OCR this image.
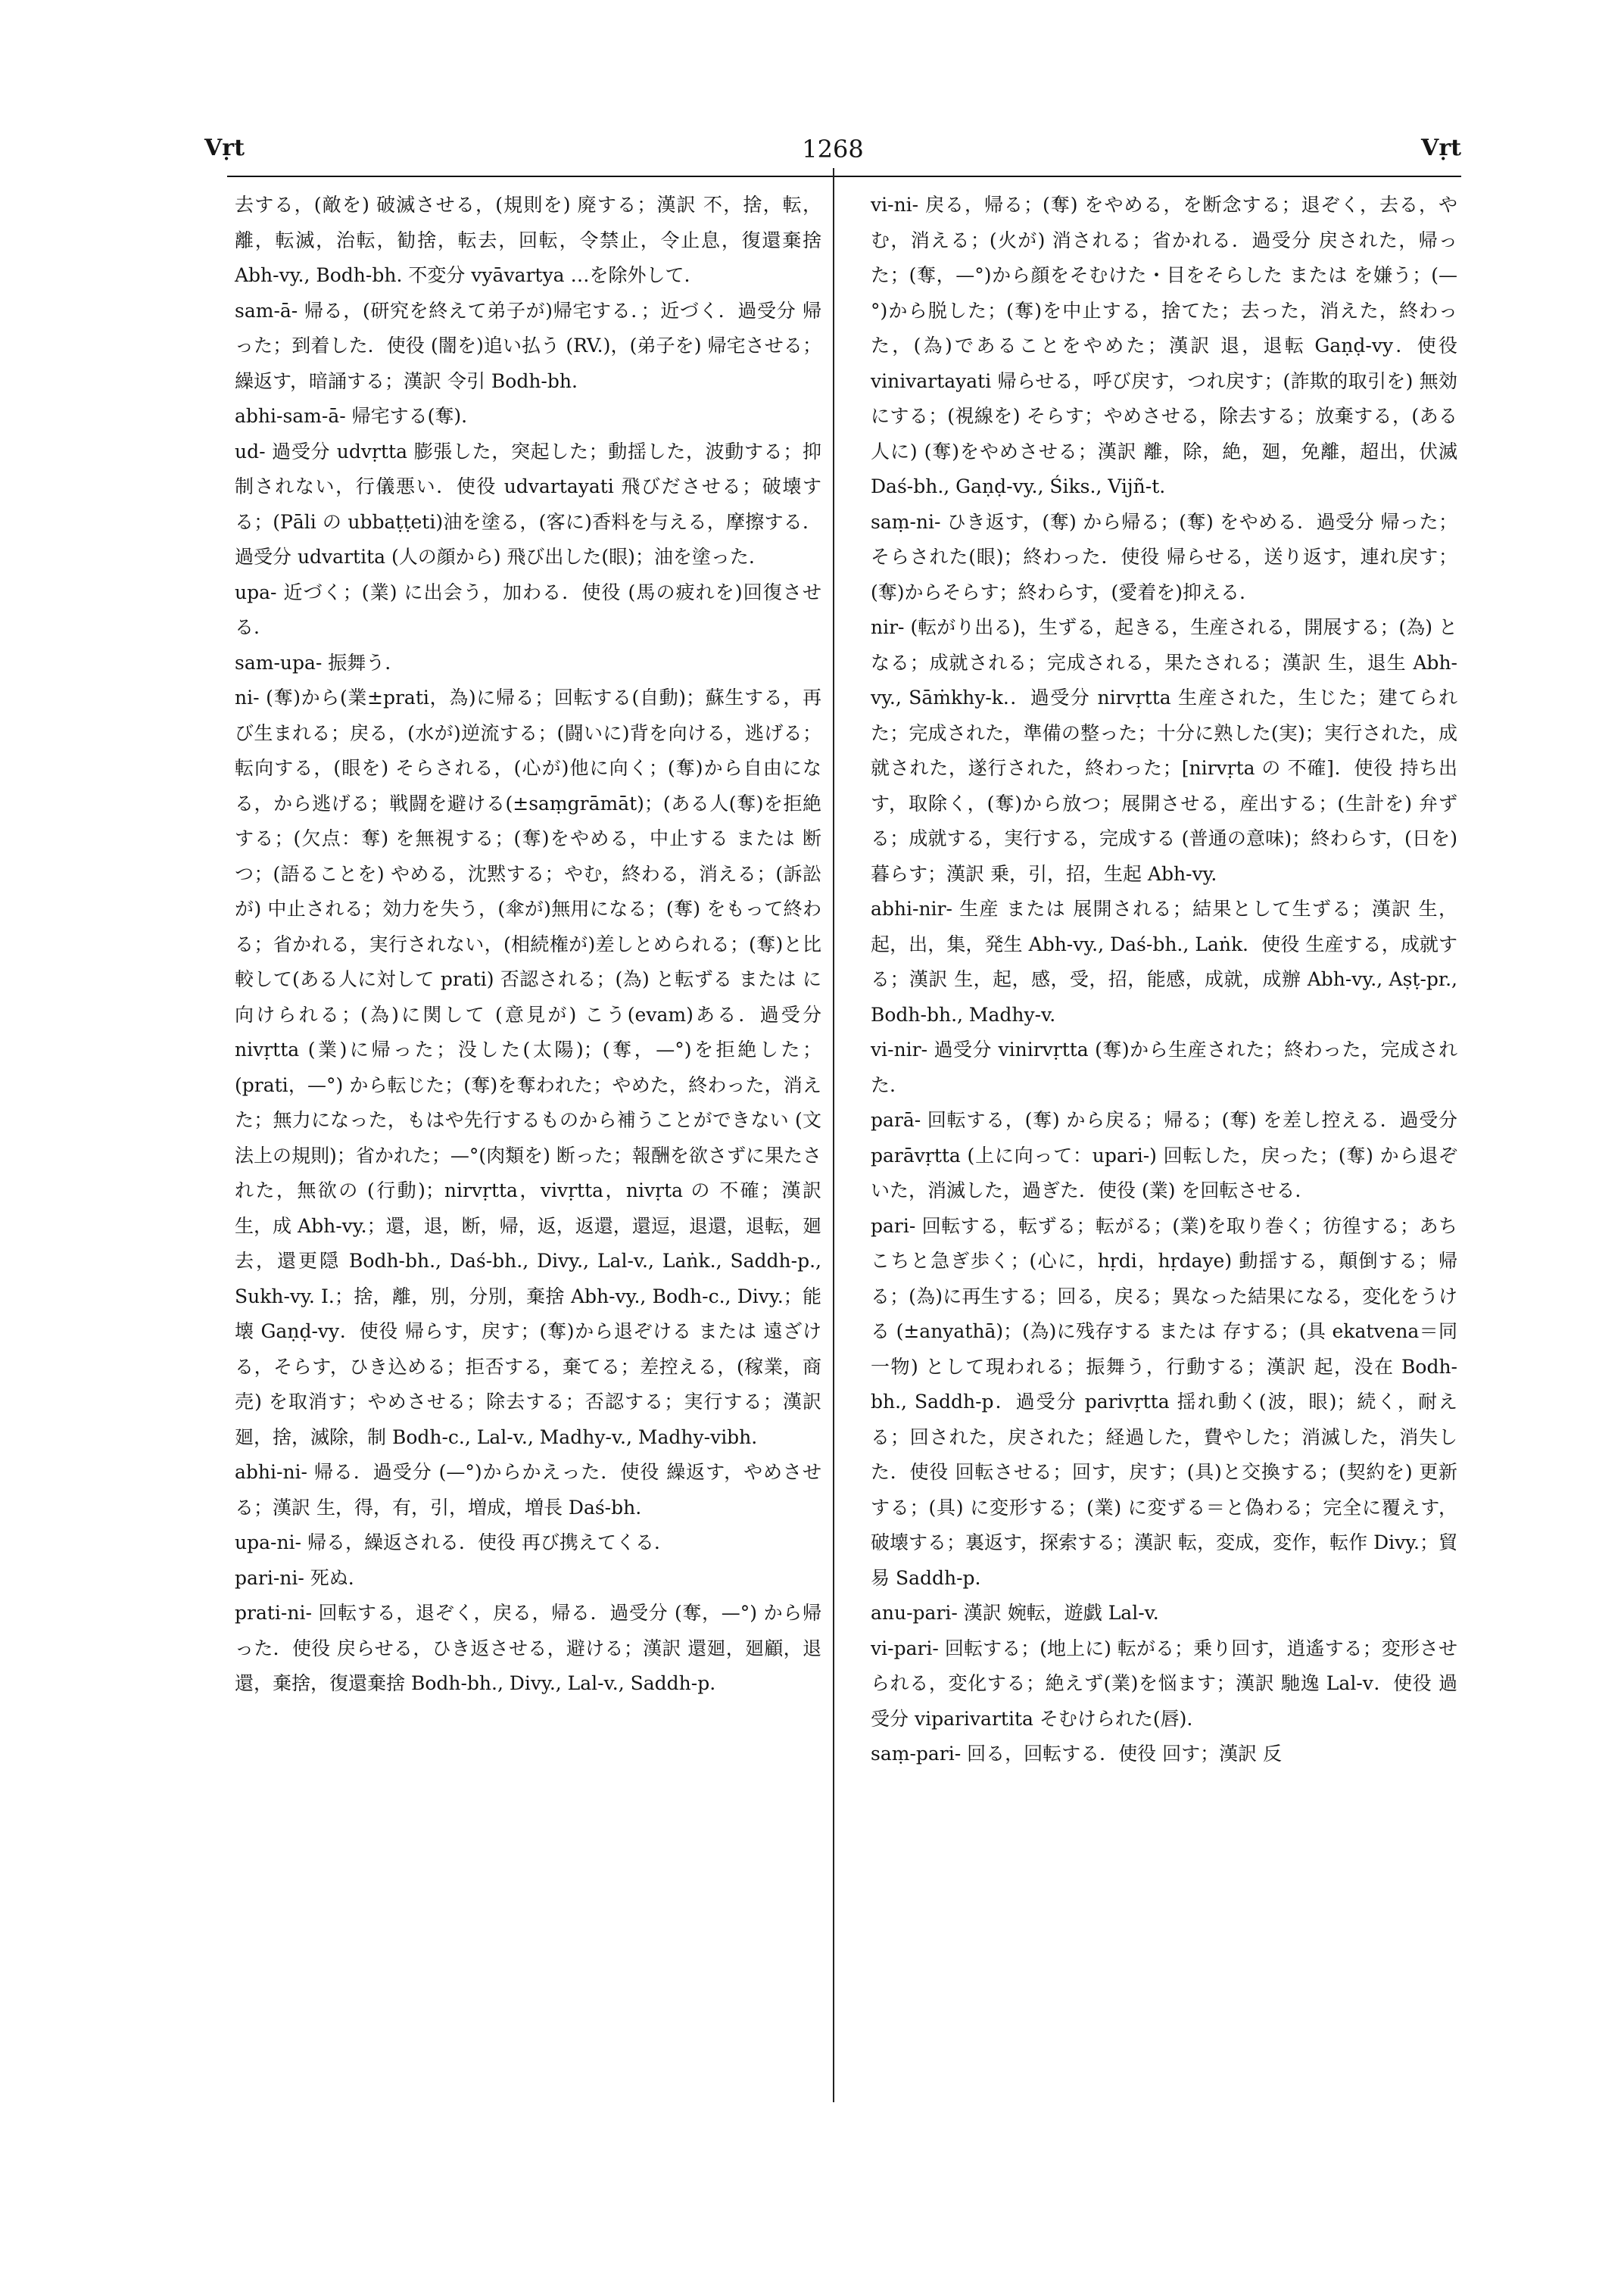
Vṛt	1268	Vṛt

去する，(敵を) 破滅させる，(規則を) 廃する；漢訳 不，捨，転，離，転滅，治転，勧捨，転去，回転，令禁止，令止息，復還棄捨 Abh-vy., Bodh-bh. 不変分 vyāvartya …を除外して.

sam-ā- 帰る，(研究を終えて弟子が)帰宅する．；近づく．過受分 帰った；到着した．使役 (闇を)追い払う (RV.)，(弟子を) 帰宅させる；繰返す，暗誦する；漢訳 令引 Bodh-bh.

abhi-sam-ā- 帰宅する(奪).

ud- 過受分 udvṛtta 膨張した，突起した；動揺した，波動する；抑制されない，行儀悪い．使役 udvartayati 飛びださせる；破壊する；(Pāli の ubbaṭṭeti)油を塗る，(客に)香料を与える，摩擦する．過受分 udvartita (人の顔から) 飛び出した(眼)；油を塗った.

upa- 近づく；(業) に出会う，加わる．使役 (馬の疲れを)回復させる.

sam-upa- 振舞う.

ni- (奪)から(業±prati，為)に帰る；回転する(自動)；蘇生する，再び生まれる；戻る，(水が)逆流する；(闘いに)背を向ける，逃げる；転向する，(眼を) そらされる，(心が)他に向く；(奪)から自由になる，から逃げる；戦闘を避ける(±saṃgrāmāt)；(ある人(奪)を拒絶する；(欠点：奪) を無視する；(奪)をやめる，中止する または 断つ；(語ることを) やめる，沈黙する；やむ，終わる，消える；(訴訟が) 中止される；効力を失う，(傘が)無用になる；(奪) をもって終わる；省かれる，実行されない，(相続権が)差しとめられる；(奪)と比較して(ある人に対して prati) 否認される；(為) と転ずる または に向けられる；(為)に関して (意見が) こう(evam)ある．過受分 nivṛtta (業)に帰った；没した(太陽)；(奪，—°)を拒絶した；(prati，—°) から転じた；(奪)を奪われた；やめた，終わった，消えた；無力になった，もはや先行するものから補うことができない (文法上の規則)；省かれた；—°(肉類を) 断った；報酬を欲さずに果たされた，無欲の (行動)；nirvṛtta，vivṛtta，nivṛta の 不確；漢訳 生，成 Abh-vy.；還，退，断，帰，返，返還，還逗，退還，退転，廻去，還更隠 Bodh-bh., Daś-bh., Divy., Lal-v., Laṅk., Saddh-p., Sukh-vy. I.；捨，離，別，分別，棄捨 Abh-vy., Bodh-c., Divy.；能壊 Gaṇḍ-vy．使役 帰らす，戻す；(奪)から退ぞける または 遠ざける，そらす，ひき込める；拒否する，棄てる；差控える，(稼業，商売) を取消す；やめさせる；除去する；否認する；実行する；漢訳 廻，捨，滅除，制 Bodh-c., Lal-v., Madhy-v., Madhy-vibh.

abhi-ni- 帰る．過受分 (—°)からかえった．使役 繰返す，やめさせる；漢訳 生，得，有，引，増成，増長 Daś-bh.

upa-ni- 帰る，繰返される．使役 再び携えてくる.

pari-ni- 死ぬ.

prati-ni- 回転する，退ぞく，戻る，帰る．過受分 (奪，—°) から帰った．使役 戻らせる，ひき返させる，避ける；漢訳 還廻，廻顧，退還，棄捨，復還棄捨 Bodh-bh., Divy., Lal-v., Saddh-p.

vi-ni- 戻る，帰る；(奪) をやめる，を断念する；退ぞく，去る，やむ，消える；(火が) 消される；省かれる．過受分 戻された，帰った；(奪，—°)から顔をそむけた・目をそらした または を嫌う；(—°)から脱した；(奪)を中止する，捨てた；去った，消えた，終わった，(為)であることをやめた；漢訳 退，退転 Gaṇḍ-vy．使役 vinivartayati 帰らせる，呼び戻す，つれ戻す；(詐欺的取引を) 無効にする；(視線を) そらす；やめさせる，除去する；放棄する，(ある人に) (奪)をやめさせる；漢訳 離，除，絶，廻，免離，超出，伏滅 Daś-bh., Gaṇḍ-vy., Śiks., Vijñ-t.

saṃ-ni- ひき返す，(奪) から帰る；(奪) をやめる．過受分 帰った；そらされた(眼)；終わった．使役 帰らせる，送り返す，連れ戻す；(奪)からそらす；終わらす，(愛着を)抑える.

nir- (転がり出る)，生ずる，起きる，生産される，開展する；(為) となる；成就される；完成される，果たされる；漢訳 生，退生 Abh-vy., Sāṁkhy-k.．過受分 nirvṛtta 生産された，生じた；建てられた；完成された，準備の整った；十分に熟した(実)；実行された，成就された，遂行された，終わった；[nirvṛta の 不確]．使役 持ち出す，取除く，(奪)から放つ；展開させる，産出する；(生計を) 弁ずる；成就する，実行する，完成する (普通の意味)；終わらす，(日を)暮らす；漢訳 乗，引，招，生起 Abh-vy.

abhi-nir- 生産 または 展開される；結果として生ずる；漢訳 生，起，出，集，発生 Abh-vy., Daś-bh., Laṅk．使役 生産する，成就する；漢訳 生，起，感，受，招，能感，成就，成辦 Abh-vy., Aṣṭ-pr., Bodh-bh., Madhy-v.

vi-nir- 過受分 vinirvṛtta (奪)から生産された；終わった，完成された.

parā- 回転する，(奪) から戻る；帰る；(奪) を差し控える．過受分 parāvṛtta (上に向って：upari-) 回転した，戻った；(奪) から退ぞいた，消滅した，過ぎた．使役 (業) を回転させる.

pari- 回転する，転ずる；転がる；(業)を取り巻く；彷徨する；あちこちと急ぎ歩く；(心に，hṛdi，hṛdaye) 動揺する，顛倒する；帰る；(為)に再生する；回る，戻る；異なった結果になる，変化をうける (±anyathā)；(為)に残存する または 存する；(具 ekatvena＝同一物) として現われる；振舞う，行動する；漢訳 起，没在 Bodh-bh., Saddh-p．過受分 parivṛtta 揺れ動く(波，眼)；続く，耐える；回された，戻された；経過した，費やした；消滅した，消失した．使役 回転させる；回す，戻す；(具)と交換する；(契約を) 更新する；(具) に変形する；(業) に変ずる＝と偽わる；完全に覆えす，破壊する；裏返す，探索する；漢訳 転，変成，変作，転作 Divy.；貿易 Saddh-p.

anu-pari- 漢訳 婉転，遊戯 Lal-v.

vi-pari- 回転する；(地上に) 転がる；乗り回す，逍遙する；変形させられる，変化する；絶えず(業)を悩ます；漢訳 馳逸 Lal-v．使役 過受分 viparivartita そむけられた(唇).

saṃ-pari- 回る，回転する．使役 回す；漢訳 反
